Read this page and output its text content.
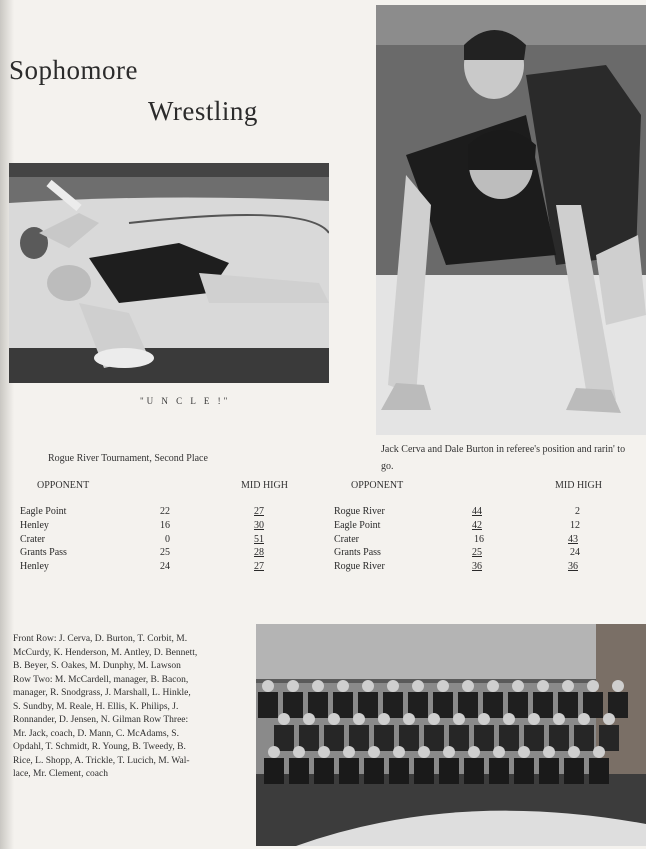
Sophomore
Wrestling
"U N C L E !"
Jack Cerva and Dale Burton in referee's position and rarin' to go.
Rogue River Tournament, Second Place
OPPONENT	MID HIGH	OPPONENT	MID HIGH
Eagle Point	22	27
Henley	16	30
Crater	0	51
Grants Pass	25	28
Henley	24	27
Rogue River	44	2
Eagle Point	42	12
Crater	16	43
Grants Pass	25	24
Rogue River	36	36
Front Row: J. Cerva, D. Burton, T. Corbit, M.
McCurdy, K. Henderson, M. Antley, D. Bennett,
B. Beyer, S. Oakes, M. Dunphy, M. Lawson
Row Two: M. McCardell, manager, B. Bacon,
manager, R. Snodgrass, J. Marshall, L. Hinkle,
S. Sundby, M. Reale, H. Ellis, K. Philips, J.
Ronnander, D. Jensen, N. Gilman Row Three:
Mr. Jack, coach, D. Mann, C. McAdams, S.
Opdahl, T. Schmidt, R. Young, B. Tweedy, B.
Rice, L. Shopp, A. Trickle, T. Lucich, M. Wal-
lace, Mr. Clement, coach
